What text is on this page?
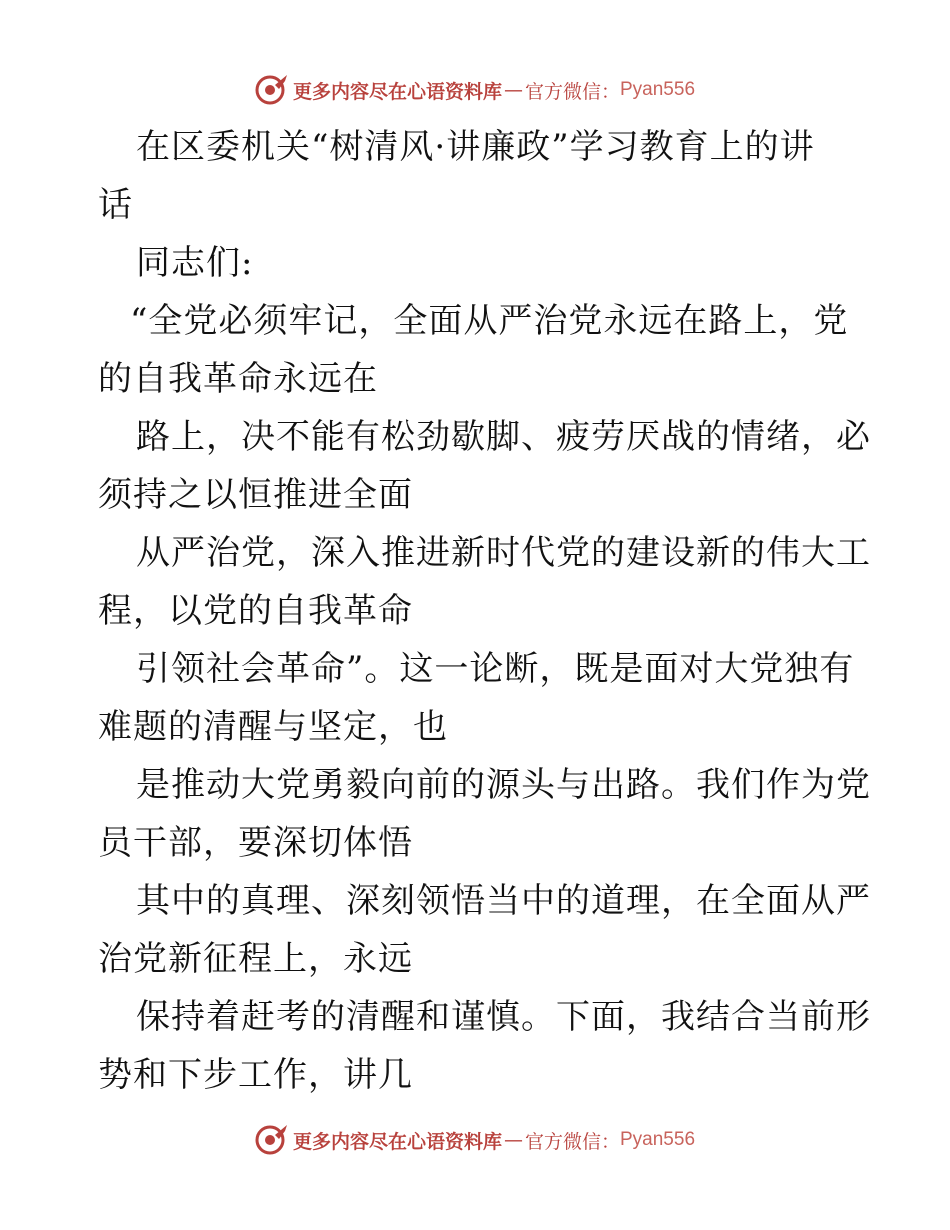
更多内容尽在心语资料库 — 官方微信： Pyan556
在区委机关“树清风·讲廉政”学习教育上的讲
话
同志们:
“全党必须牢记，全面从严治党永远在路上，党
的自我革命永远在
路上，决不能有松劲歇脚、疲劳厌战的情绪，必
须持之以恒推进全面
从严治党，深入推进新时代党的建设新的伟大工
程，以党的自我革命
引领社会革命”。这一论断，既是面对大党独有
难题的清醒与坚定，也
是推动大党勇毅向前的源头与出路。我们作为党
员干部，要深切体悟
其中的真理、深刻领悟当中的道理，在全面从严
治党新征程上，永远
保持着赶考的清醒和谨慎。下面，我结合当前形
势和下步工作，讲几
更多内容尽在心语资料库 — 官方微信： Pyan556
